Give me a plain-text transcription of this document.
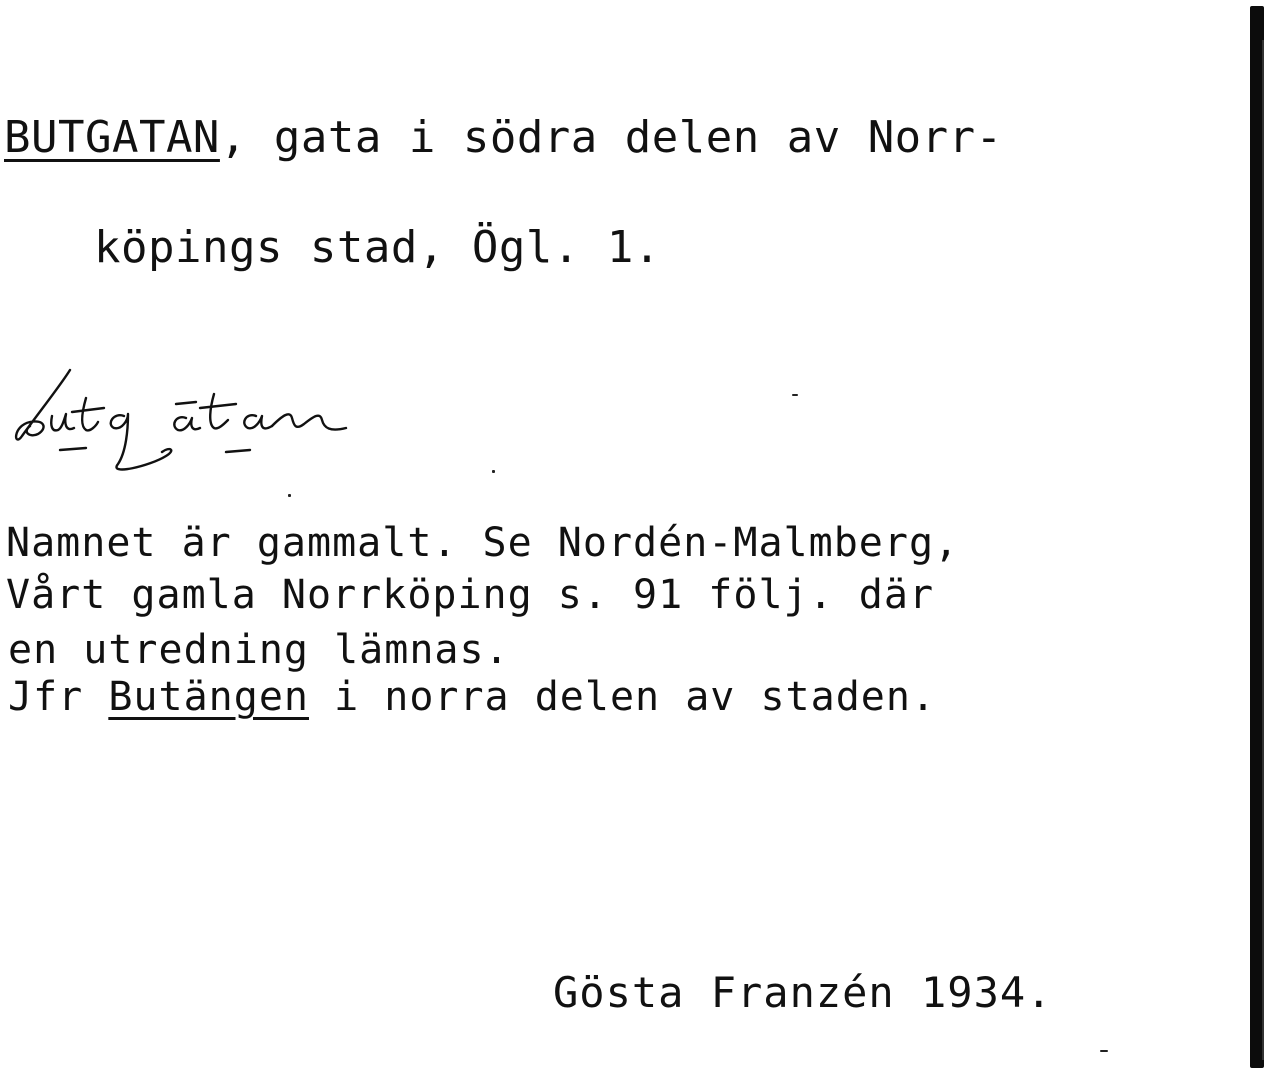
BUTGATAN, gata i södra delen av Norr-
köpings stad, Ögl. 1.
Namnet är gammalt. Se Nordén-Malmberg,
Vårt gamla Norrköping s. 91 följ. där
en utredning lämnas.
Jfr Butängen i norra delen av staden.
Gösta Franzén 1934.
